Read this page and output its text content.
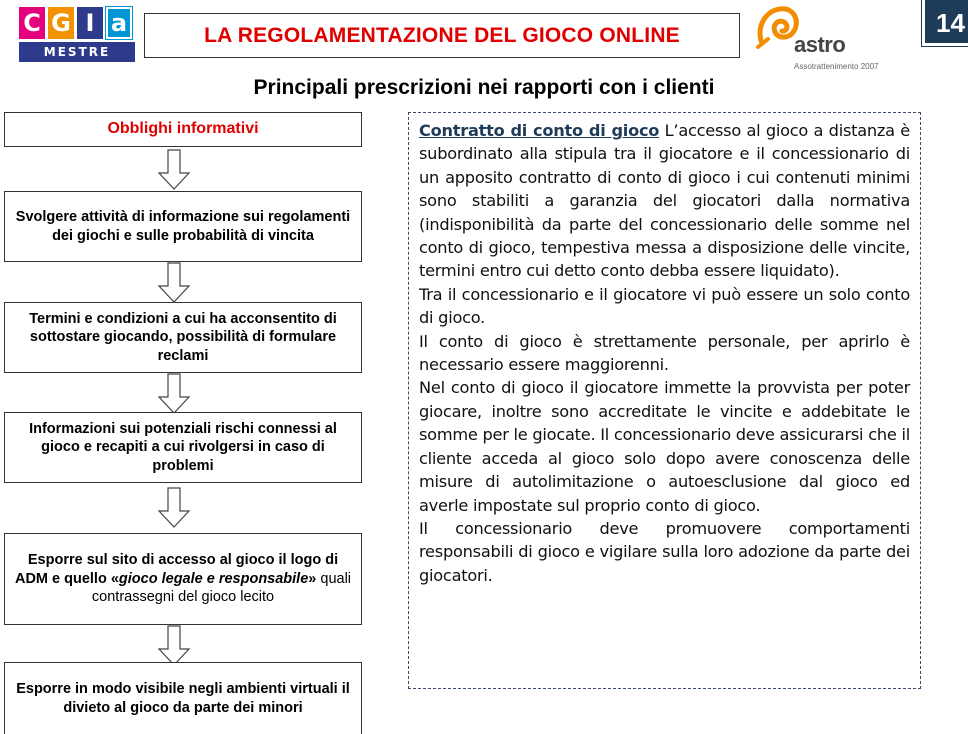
C G I a
MESTRE
LA REGOLAMENTAZIONE DEL GIOCO ONLINE	astro
Assotrattenimento 2007
14
Principali prescrizioni nei rapporti con i clienti
Obblighi informativi
Svolgere attività di informazione sui regolamenti dei giochi e sulle probabilità di vincita
Termini e condizioni a cui ha acconsentito di sottostare giocando, possibilità di formulare reclami
Informazioni sui potenziali rischi connessi al gioco e recapiti a cui rivolgersi in caso di problemi
Esporre sul sito di accesso al gioco il logo di ADM e quello «gioco legale e responsabile» quali contrassegni del gioco lecito
Esporre in modo visibile negli ambienti virtuali il divieto al gioco da parte dei minori

Contratto di conto di gioco L’accesso al gioco a distanza è subordinato alla stipula tra il giocatore e il concessionario di un apposito contratto di conto di gioco i cui contenuti minimi sono stabiliti a garanzia del giocatori dalla normativa (indisponibilità da parte del concessionario delle somme nel conto di gioco, tempestiva messa a disposizione delle vincite, termini entro cui detto conto debba essere liquidato).

Tra il concessionario e il giocatore vi può essere un solo conto di gioco.

Il conto di gioco è strettamente personale, per aprirlo è necessario essere maggiorenni.

Nel conto di gioco il giocatore immette la provvista per poter giocare, inoltre sono accreditate le vincite e addebitate le somme per le giocate. Il concessionario deve assicurarsi che il cliente acceda al gioco solo dopo avere conoscenza delle misure di autolimitazione o autoesclusione dal gioco ed averle impostate sul proprio conto di gioco.

Il concessionario deve promuovere comportamenti responsabili di gioco e vigilare sulla loro adozione da parte dei giocatori.
